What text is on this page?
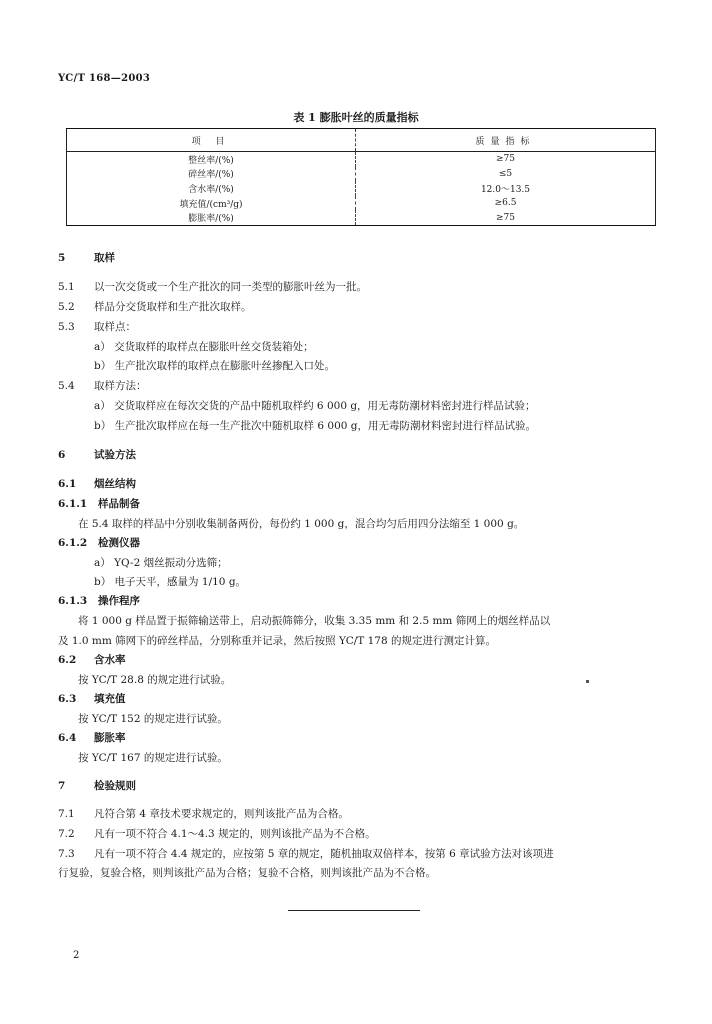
YC/T 168—2003
表 1 膨胀叶丝的质量指标
项 目	质量指标
整丝率/(%)	≥75
碎丝率/(%)	≤5
含水率/(%)	12.0～13.5
填充值/(cm³/g)	≥6.5
膨胀率/(%)	≥75
5	取样
5.1 以一次交货或一个生产批次的同一类型的膨胀叶丝为一批。
5.2 样品分交货取样和生产批次取样。
5.3 取样点：
a） 交货取样的取样点在膨胀叶丝交货装箱处；
b） 生产批次取样的取样点在膨胀叶丝掺配入口处。
5.4 取样方法：
a） 交货取样应在每次交货的产品中随机取样约 6 000 g，用无毒防潮材料密封进行样品试验；
b） 生产批次取样应在每一生产批次中随机取样 6 000 g，用无毒防潮材料密封进行样品试验。
6	试验方法
6.1 烟丝结构
6.1.1 样品制备
在 5.4 取样的样品中分别收集制备两份，每份约 1 000 g，混合均匀后用四分法缩至 1 000 g。
6.1.2 检测仪器
a） YQ-2 烟丝振动分选筛；
b） 电子天平，感量为 1/10 g。
6.1.3 操作程序
将 1 000 g 样品置于振筛输送带上，启动振筛筛分，收集 3.35 mm 和 2.5 mm 筛网上的烟丝样品以
及 1.0 mm 筛网下的碎丝样品，分别称重并记录，然后按照 YC/T 178 的规定进行测定计算。
6.2 含水率
按 YC/T 28.8 的规定进行试验。
6.3 填充值
按 YC/T 152 的规定进行试验。
6.4 膨胀率
按 YC/T 167 的规定进行试验。
7	检验规则
7.1 凡符合第 4 章技术要求规定的，则判该批产品为合格。
7.2 凡有一项不符合 4.1～4.3 规定的，则判该批产品为不合格。
7.3 凡有一项不符合 4.4 规定的，应按第 5 章的规定，随机抽取双倍样本，按第 6 章试验方法对该项进
行复验，复验合格，则判该批产品为合格；复验不合格，则判该批产品为不合格。
2
